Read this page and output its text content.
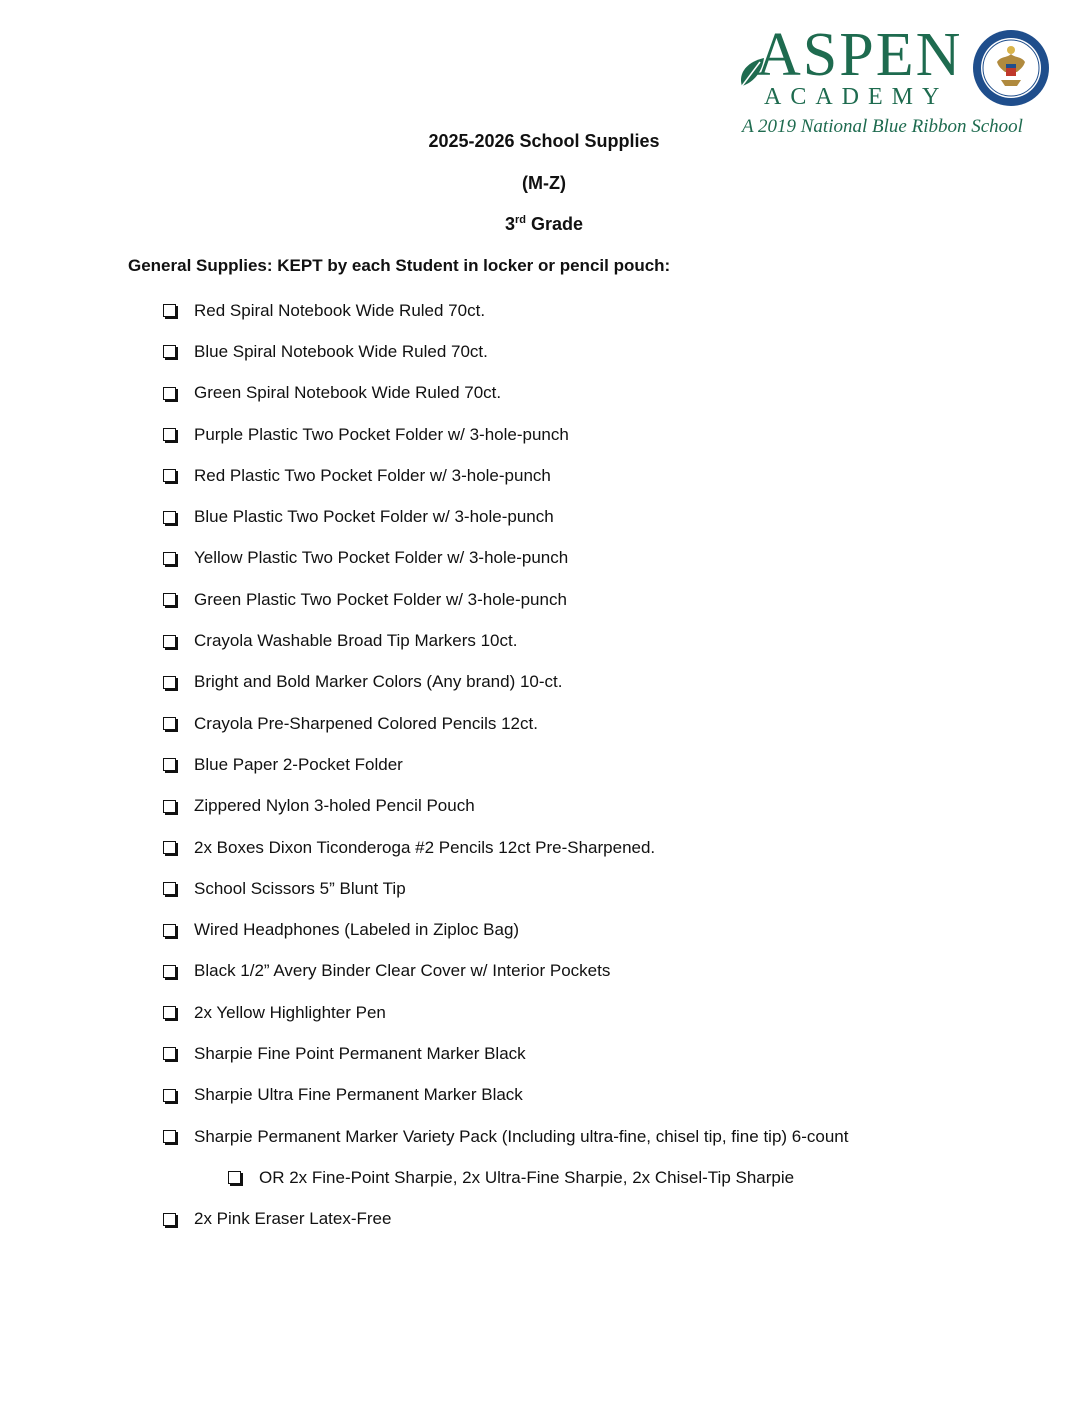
ASPEN
ACADEMY
A 2019 National Blue Ribbon School
2025-2026 School Supplies
(M-Z)
3rd Grade
General Supplies: KEPT by each Student in locker or pencil pouch:
Red Spiral Notebook Wide Ruled 70ct.
Blue Spiral Notebook Wide Ruled 70ct.
Green Spiral Notebook Wide Ruled 70ct.
Purple Plastic Two Pocket Folder w/ 3-hole-punch
Red Plastic Two Pocket Folder w/ 3-hole-punch
Blue Plastic Two Pocket Folder w/ 3-hole-punch
Yellow Plastic Two Pocket Folder w/ 3-hole-punch
Green Plastic Two Pocket Folder w/ 3-hole-punch
Crayola Washable Broad Tip Markers 10ct.
Bright and Bold Marker Colors (Any brand) 10-ct.
Crayola Pre-Sharpened Colored Pencils 12ct.
Blue Paper 2-Pocket Folder
Zippered Nylon 3-holed Pencil Pouch
2x Boxes Dixon Ticonderoga #2 Pencils 12ct Pre-Sharpened.
School Scissors 5” Blunt Tip
Wired Headphones (Labeled in Ziploc Bag)
Black 1/2” Avery Binder Clear Cover w/ Interior Pockets
2x Yellow Highlighter Pen
Sharpie Fine Point Permanent Marker Black
Sharpie Ultra Fine Permanent Marker Black
Sharpie Permanent Marker Variety Pack (Including ultra-fine, chisel tip, fine tip) 6-count
OR 2x Fine-Point Sharpie, 2x Ultra-Fine Sharpie, 2x Chisel-Tip Sharpie
2x Pink Eraser Latex-Free
